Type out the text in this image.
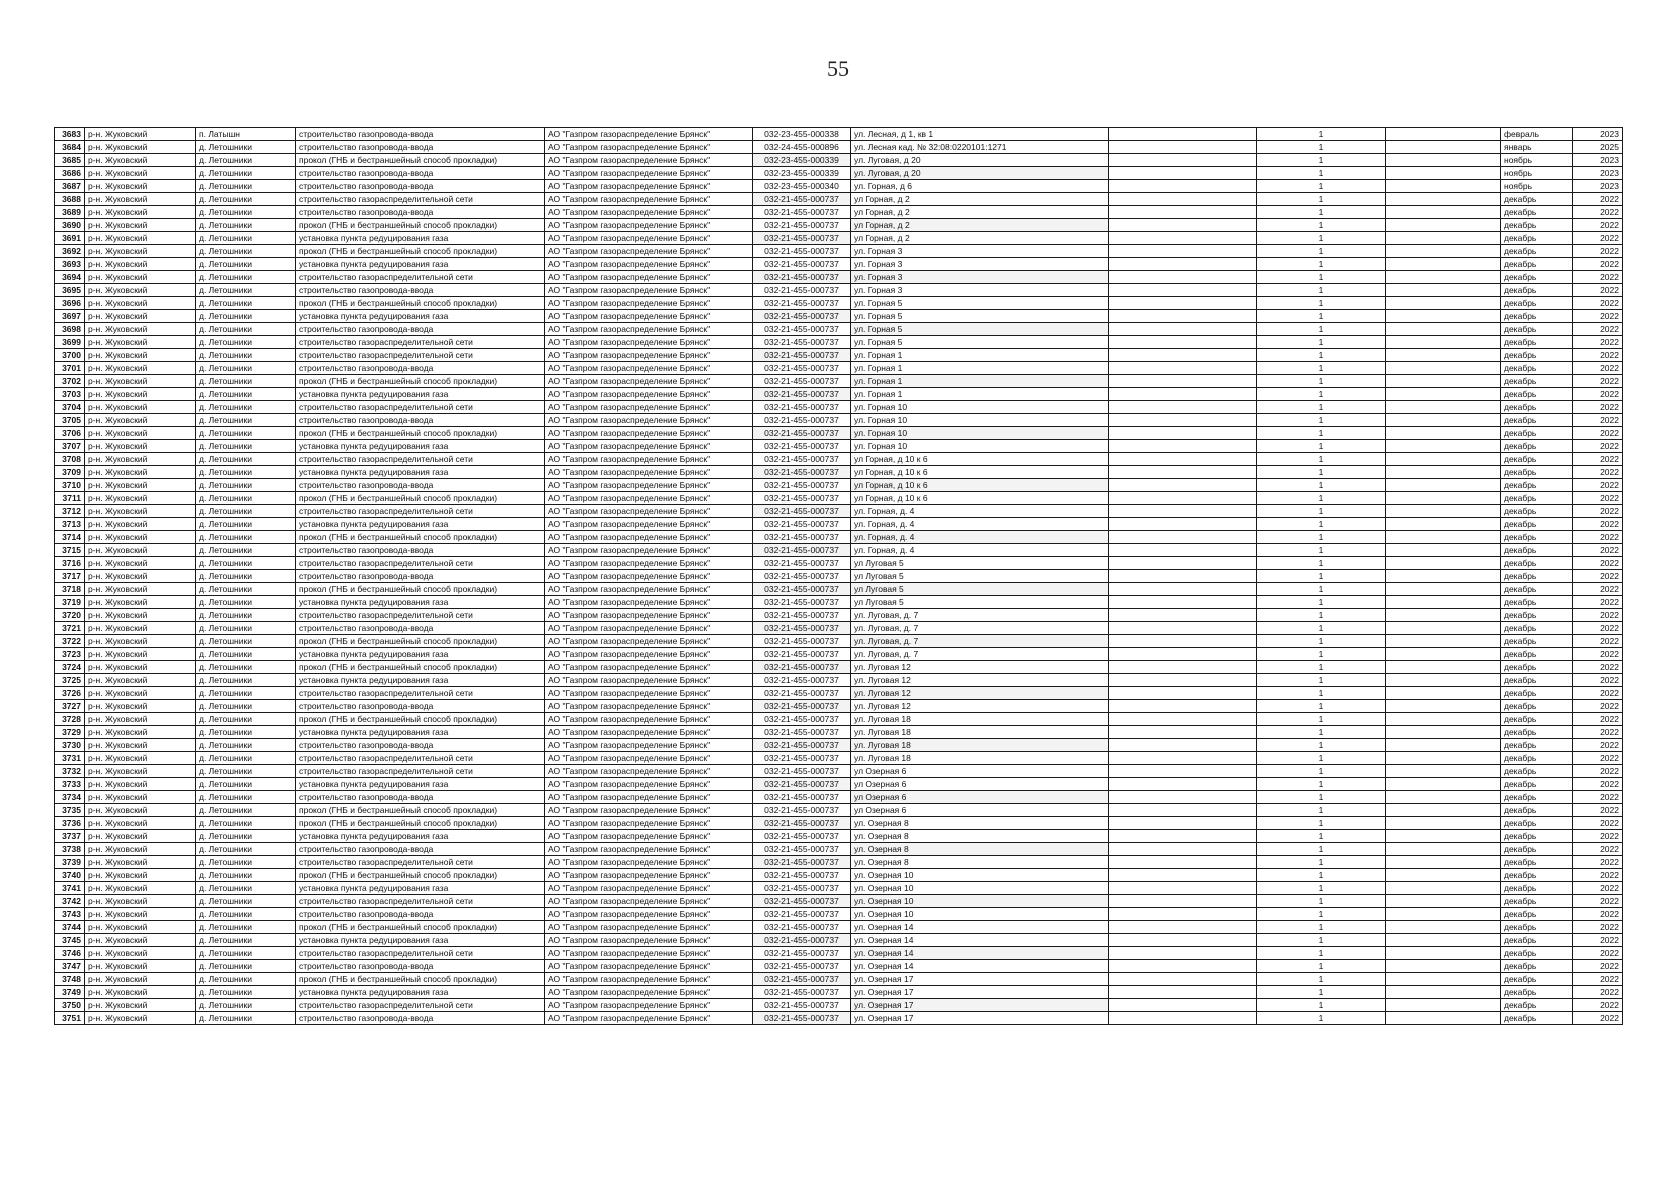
55
3683	р-н. Жуковский	п. Латышн	строительство газопровода-ввода	АО "Газпром газораспределение Брянск"	032-23-455-000338	ул. Лесная, д 1, кв 1		1		февраль	2023
3684	р-н. Жуковский	д. Летошники	строительство газопровода-ввода	АО "Газпром газораспределение Брянск"	032-24-455-000896	ул. Лесная кад. № 32:08:0220101:1271		1		январь	2025
3685	р-н. Жуковский	д. Летошники	прокол (ГНБ и бестраншейный способ прокладки)	АО "Газпром газораспределение Брянск"	032-23-455-000339	ул. Луговая, д 20		1		ноябрь	2023
3686	р-н. Жуковский	д. Летошники	строительство газопровода-ввода	АО "Газпром газораспределение Брянск"	032-23-455-000339	ул. Луговая, д 20		1		ноябрь	2023
3687	р-н. Жуковский	д. Летошники	строительство газопровода-ввода	АО "Газпром газораспределение Брянск"	032-23-455-000340	ул. Горная, д 6		1		ноябрь	2023
3688	р-н. Жуковский	д. Летошники	строительство газораспределительной сети	АО "Газпром газораспределение Брянск"	032-21-455-000737	ул Горная, д 2		1		декабрь	2022
3689	р-н. Жуковский	д. Летошники	строительство газопровода-ввода	АО "Газпром газораспределение Брянск"	032-21-455-000737	ул Горная, д 2		1		декабрь	2022
3690	р-н. Жуковский	д. Летошники	прокол (ГНБ и бестраншейный способ прокладки)	АО "Газпром газораспределение Брянск"	032-21-455-000737	ул Горная, д 2		1		декабрь	2022
3691	р-н. Жуковский	д. Летошники	установка пункта редуцирования газа	АО "Газпром газораспределение Брянск"	032-21-455-000737	ул Горная, д 2		1		декабрь	2022
3692	р-н. Жуковский	д. Летошники	прокол (ГНБ и бестраншейный способ прокладки)	АО "Газпром газораспределение Брянск"	032-21-455-000737	ул. Горная 3		1		декабрь	2022
3693	р-н. Жуковский	д. Летошники	установка пункта редуцирования газа	АО "Газпром газораспределение Брянск"	032-21-455-000737	ул. Горная 3		1		декабрь	2022
3694	р-н. Жуковский	д. Летошники	строительство газораспределительной сети	АО "Газпром газораспределение Брянск"	032-21-455-000737	ул. Горная 3		1		декабрь	2022
3695	р-н. Жуковский	д. Летошники	строительство газопровода-ввода	АО "Газпром газораспределение Брянск"	032-21-455-000737	ул. Горная 3		1		декабрь	2022
3696	р-н. Жуковский	д. Летошники	прокол (ГНБ и бестраншейный способ прокладки)	АО "Газпром газораспределение Брянск"	032-21-455-000737	ул. Горная 5		1		декабрь	2022
3697	р-н. Жуковский	д. Летошники	установка пункта редуцирования газа	АО "Газпром газораспределение Брянск"	032-21-455-000737	ул. Горная 5		1		декабрь	2022
3698	р-н. Жуковский	д. Летошники	строительство газопровода-ввода	АО "Газпром газораспределение Брянск"	032-21-455-000737	ул. Горная 5		1		декабрь	2022
3699	р-н. Жуковский	д. Летошники	строительство газораспределительной сети	АО "Газпром газораспределение Брянск"	032-21-455-000737	ул. Горная 5		1		декабрь	2022
3700	р-н. Жуковский	д. Летошники	строительство газораспределительной сети	АО "Газпром газораспределение Брянск"	032-21-455-000737	ул. Горная 1		1		декабрь	2022
3701	р-н. Жуковский	д. Летошники	строительство газопровода-ввода	АО "Газпром газораспределение Брянск"	032-21-455-000737	ул. Горная 1		1		декабрь	2022
3702	р-н. Жуковский	д. Летошники	прокол (ГНБ и бестраншейный способ прокладки)	АО "Газпром газораспределение Брянск"	032-21-455-000737	ул. Горная 1		1		декабрь	2022
3703	р-н. Жуковский	д. Летошники	установка пункта редуцирования газа	АО "Газпром газораспределение Брянск"	032-21-455-000737	ул. Горная 1		1		декабрь	2022
3704	р-н. Жуковский	д. Летошники	строительство газораспределительной сети	АО "Газпром газораспределение Брянск"	032-21-455-000737	ул. Горная 10		1		декабрь	2022
3705	р-н. Жуковский	д. Летошники	строительство газопровода-ввода	АО "Газпром газораспределение Брянск"	032-21-455-000737	ул. Горная 10		1		декабрь	2022
3706	р-н. Жуковский	д. Летошники	прокол (ГНБ и бестраншейный способ прокладки)	АО "Газпром газораспределение Брянск"	032-21-455-000737	ул. Горная 10		1		декабрь	2022
3707	р-н. Жуковский	д. Летошники	установка пункта редуцирования газа	АО "Газпром газораспределение Брянск"	032-21-455-000737	ул. Горная 10		1		декабрь	2022
3708	р-н. Жуковский	д. Летошники	строительство газораспределительной сети	АО "Газпром газораспределение Брянск"	032-21-455-000737	ул Горная, д 10 к 6		1		декабрь	2022
3709	р-н. Жуковский	д. Летошники	установка пункта редуцирования газа	АО "Газпром газораспределение Брянск"	032-21-455-000737	ул Горная, д 10 к 6		1		декабрь	2022
3710	р-н. Жуковский	д. Летошники	строительство газопровода-ввода	АО "Газпром газораспределение Брянск"	032-21-455-000737	ул Горная, д 10 к 6		1		декабрь	2022
3711	р-н. Жуковский	д. Летошники	прокол (ГНБ и бестраншейный способ прокладки)	АО "Газпром газораспределение Брянск"	032-21-455-000737	ул Горная, д 10 к 6		1		декабрь	2022
3712	р-н. Жуковский	д. Летошники	строительство газораспределительной сети	АО "Газпром газораспределение Брянск"	032-21-455-000737	ул. Горная, д. 4		1		декабрь	2022
3713	р-н. Жуковский	д. Летошники	установка пункта редуцирования газа	АО "Газпром газораспределение Брянск"	032-21-455-000737	ул. Горная, д. 4		1		декабрь	2022
3714	р-н. Жуковский	д. Летошники	прокол (ГНБ и бестраншейный способ прокладки)	АО "Газпром газораспределение Брянск"	032-21-455-000737	ул. Горная, д. 4		1		декабрь	2022
3715	р-н. Жуковский	д. Летошники	строительство газопровода-ввода	АО "Газпром газораспределение Брянск"	032-21-455-000737	ул. Горная, д. 4		1		декабрь	2022
3716	р-н. Жуковский	д. Летошники	строительство газораспределительной сети	АО "Газпром газораспределение Брянск"	032-21-455-000737	ул Луговая 5		1		декабрь	2022
3717	р-н. Жуковский	д. Летошники	строительство газопровода-ввода	АО "Газпром газораспределение Брянск"	032-21-455-000737	ул Луговая 5		1		декабрь	2022
3718	р-н. Жуковский	д. Летошники	прокол (ГНБ и бестраншейный способ прокладки)	АО "Газпром газораспределение Брянск"	032-21-455-000737	ул Луговая 5		1		декабрь	2022
3719	р-н. Жуковский	д. Летошники	установка пункта редуцирования газа	АО "Газпром газораспределение Брянск"	032-21-455-000737	ул Луговая 5		1		декабрь	2022
3720	р-н. Жуковский	д. Летошники	строительство газораспределительной сети	АО "Газпром газораспределение Брянск"	032-21-455-000737	ул. Луговая, д. 7		1		декабрь	2022
3721	р-н. Жуковский	д. Летошники	строительство газопровода-ввода	АО "Газпром газораспределение Брянск"	032-21-455-000737	ул. Луговая, д. 7		1		декабрь	2022
3722	р-н. Жуковский	д. Летошники	прокол (ГНБ и бестраншейный способ прокладки)	АО "Газпром газораспределение Брянск"	032-21-455-000737	ул. Луговая, д. 7		1		декабрь	2022
3723	р-н. Жуковский	д. Летошники	установка пункта редуцирования газа	АО "Газпром газораспределение Брянск"	032-21-455-000737	ул. Луговая, д. 7		1		декабрь	2022
3724	р-н. Жуковский	д. Летошники	прокол (ГНБ и бестраншейный способ прокладки)	АО "Газпром газораспределение Брянск"	032-21-455-000737	ул. Луговая 12		1		декабрь	2022
3725	р-н. Жуковский	д. Летошники	установка пункта редуцирования газа	АО "Газпром газораспределение Брянск"	032-21-455-000737	ул. Луговая 12		1		декабрь	2022
3726	р-н. Жуковский	д. Летошники	строительство газораспределительной сети	АО "Газпром газораспределение Брянск"	032-21-455-000737	ул. Луговая 12		1		декабрь	2022
3727	р-н. Жуковский	д. Летошники	строительство газопровода-ввода	АО "Газпром газораспределение Брянск"	032-21-455-000737	ул. Луговая 12		1		декабрь	2022
3728	р-н. Жуковский	д. Летошники	прокол (ГНБ и бестраншейный способ прокладки)	АО "Газпром газораспределение Брянск"	032-21-455-000737	ул. Луговая 18		1		декабрь	2022
3729	р-н. Жуковский	д. Летошники	установка пункта редуцирования газа	АО "Газпром газораспределение Брянск"	032-21-455-000737	ул. Луговая 18		1		декабрь	2022
3730	р-н. Жуковский	д. Летошники	строительство газопровода-ввода	АО "Газпром газораспределение Брянск"	032-21-455-000737	ул. Луговая 18		1		декабрь	2022
3731	р-н. Жуковский	д. Летошники	строительство газораспределительной сети	АО "Газпром газораспределение Брянск"	032-21-455-000737	ул. Луговая 18		1		декабрь	2022
3732	р-н. Жуковский	д. Летошники	строительство газораспределительной сети	АО "Газпром газораспределение Брянск"	032-21-455-000737	ул Озерная 6		1		декабрь	2022
3733	р-н. Жуковский	д. Летошники	установка пункта редуцирования газа	АО "Газпром газораспределение Брянск"	032-21-455-000737	ул Озерная 6		1		декабрь	2022
3734	р-н. Жуковский	д. Летошники	строительство газопровода-ввода	АО "Газпром газораспределение Брянск"	032-21-455-000737	ул Озерная 6		1		декабрь	2022
3735	р-н. Жуковский	д. Летошники	прокол (ГНБ и бестраншейный способ прокладки)	АО "Газпром газораспределение Брянск"	032-21-455-000737	ул Озерная 6		1		декабрь	2022
3736	р-н. Жуковский	д. Летошники	прокол (ГНБ и бестраншейный способ прокладки)	АО "Газпром газораспределение Брянск"	032-21-455-000737	ул. Озерная 8		1		декабрь	2022
3737	р-н. Жуковский	д. Летошники	установка пункта редуцирования газа	АО "Газпром газораспределение Брянск"	032-21-455-000737	ул. Озерная 8		1		декабрь	2022
3738	р-н. Жуковский	д. Летошники	строительство газопровода-ввода	АО "Газпром газораспределение Брянск"	032-21-455-000737	ул. Озерная 8		1		декабрь	2022
3739	р-н. Жуковский	д. Летошники	строительство газораспределительной сети	АО "Газпром газораспределение Брянск"	032-21-455-000737	ул. Озерная 8		1		декабрь	2022
3740	р-н. Жуковский	д. Летошники	прокол (ГНБ и бестраншейный способ прокладки)	АО "Газпром газораспределение Брянск"	032-21-455-000737	ул. Озерная 10		1		декабрь	2022
3741	р-н. Жуковский	д. Летошники	установка пункта редуцирования газа	АО "Газпром газораспределение Брянск"	032-21-455-000737	ул. Озерная 10		1		декабрь	2022
3742	р-н. Жуковский	д. Летошники	строительство газораспределительной сети	АО "Газпром газораспределение Брянск"	032-21-455-000737	ул. Озерная 10		1		декабрь	2022
3743	р-н. Жуковский	д. Летошники	строительство газопровода-ввода	АО "Газпром газораспределение Брянск"	032-21-455-000737	ул. Озерная 10		1		декабрь	2022
3744	р-н. Жуковский	д. Летошники	прокол (ГНБ и бестраншейный способ прокладки)	АО "Газпром газораспределение Брянск"	032-21-455-000737	ул. Озерная 14		1		декабрь	2022
3745	р-н. Жуковский	д. Летошники	установка пункта редуцирования газа	АО "Газпром газораспределение Брянск"	032-21-455-000737	ул. Озерная 14		1		декабрь	2022
3746	р-н. Жуковский	д. Летошники	строительство газораспределительной сети	АО "Газпром газораспределение Брянск"	032-21-455-000737	ул. Озерная 14		1		декабрь	2022
3747	р-н. Жуковский	д. Летошники	строительство газопровода-ввода	АО "Газпром газораспределение Брянск"	032-21-455-000737	ул. Озерная 14		1		декабрь	2022
3748	р-н. Жуковский	д. Летошники	прокол (ГНБ и бестраншейный способ прокладки)	АО "Газпром газораспределение Брянск"	032-21-455-000737	ул. Озерная 17		1		декабрь	2022
3749	р-н. Жуковский	д. Летошники	установка пункта редуцирования газа	АО "Газпром газораспределение Брянск"	032-21-455-000737	ул. Озерная 17		1		декабрь	2022
3750	р-н. Жуковский	д. Летошники	строительство газораспределительной сети	АО "Газпром газораспределение Брянск"	032-21-455-000737	ул. Озерная 17		1		декабрь	2022
3751	р-н. Жуковский	д. Летошники	строительство газопровода-ввода	АО "Газпром газораспределение Брянск"	032-21-455-000737	ул. Озерная 17		1		декабрь	2022
